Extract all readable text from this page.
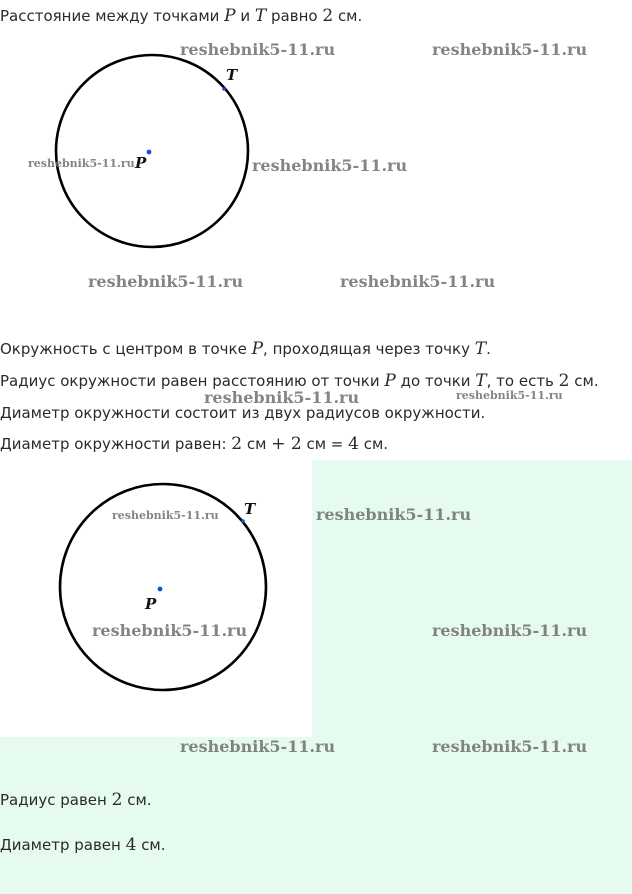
Расстояние между точками P и T равно 2 см.
T
P
reshebnik5-11.ru	reshebnik5-11.ru
reshebnik5-11.ru	reshebnik5-11.ru
reshebnik5-11.ru	reshebnik5-11.ru
Окружность с центром в точке P, проходящая через точку T.
Радиус окружности равен расстоянию от точки P до точки T, то есть 2 см.
reshebnik5-11.ru	reshebnik5-11.ru
Диаметр окружности состоит из двух радиусов окружности.
Диаметр окружности равен: 2 см + 2 см = 4 см.
T
P
reshebnik5-11.ru	reshebnik5-11.ru
reshebnik5-11.ru	reshebnik5-11.ru
reshebnik5-11.ru	reshebnik5-11.ru
Радиус равен 2 см.
Диаметр равен 4 см.
